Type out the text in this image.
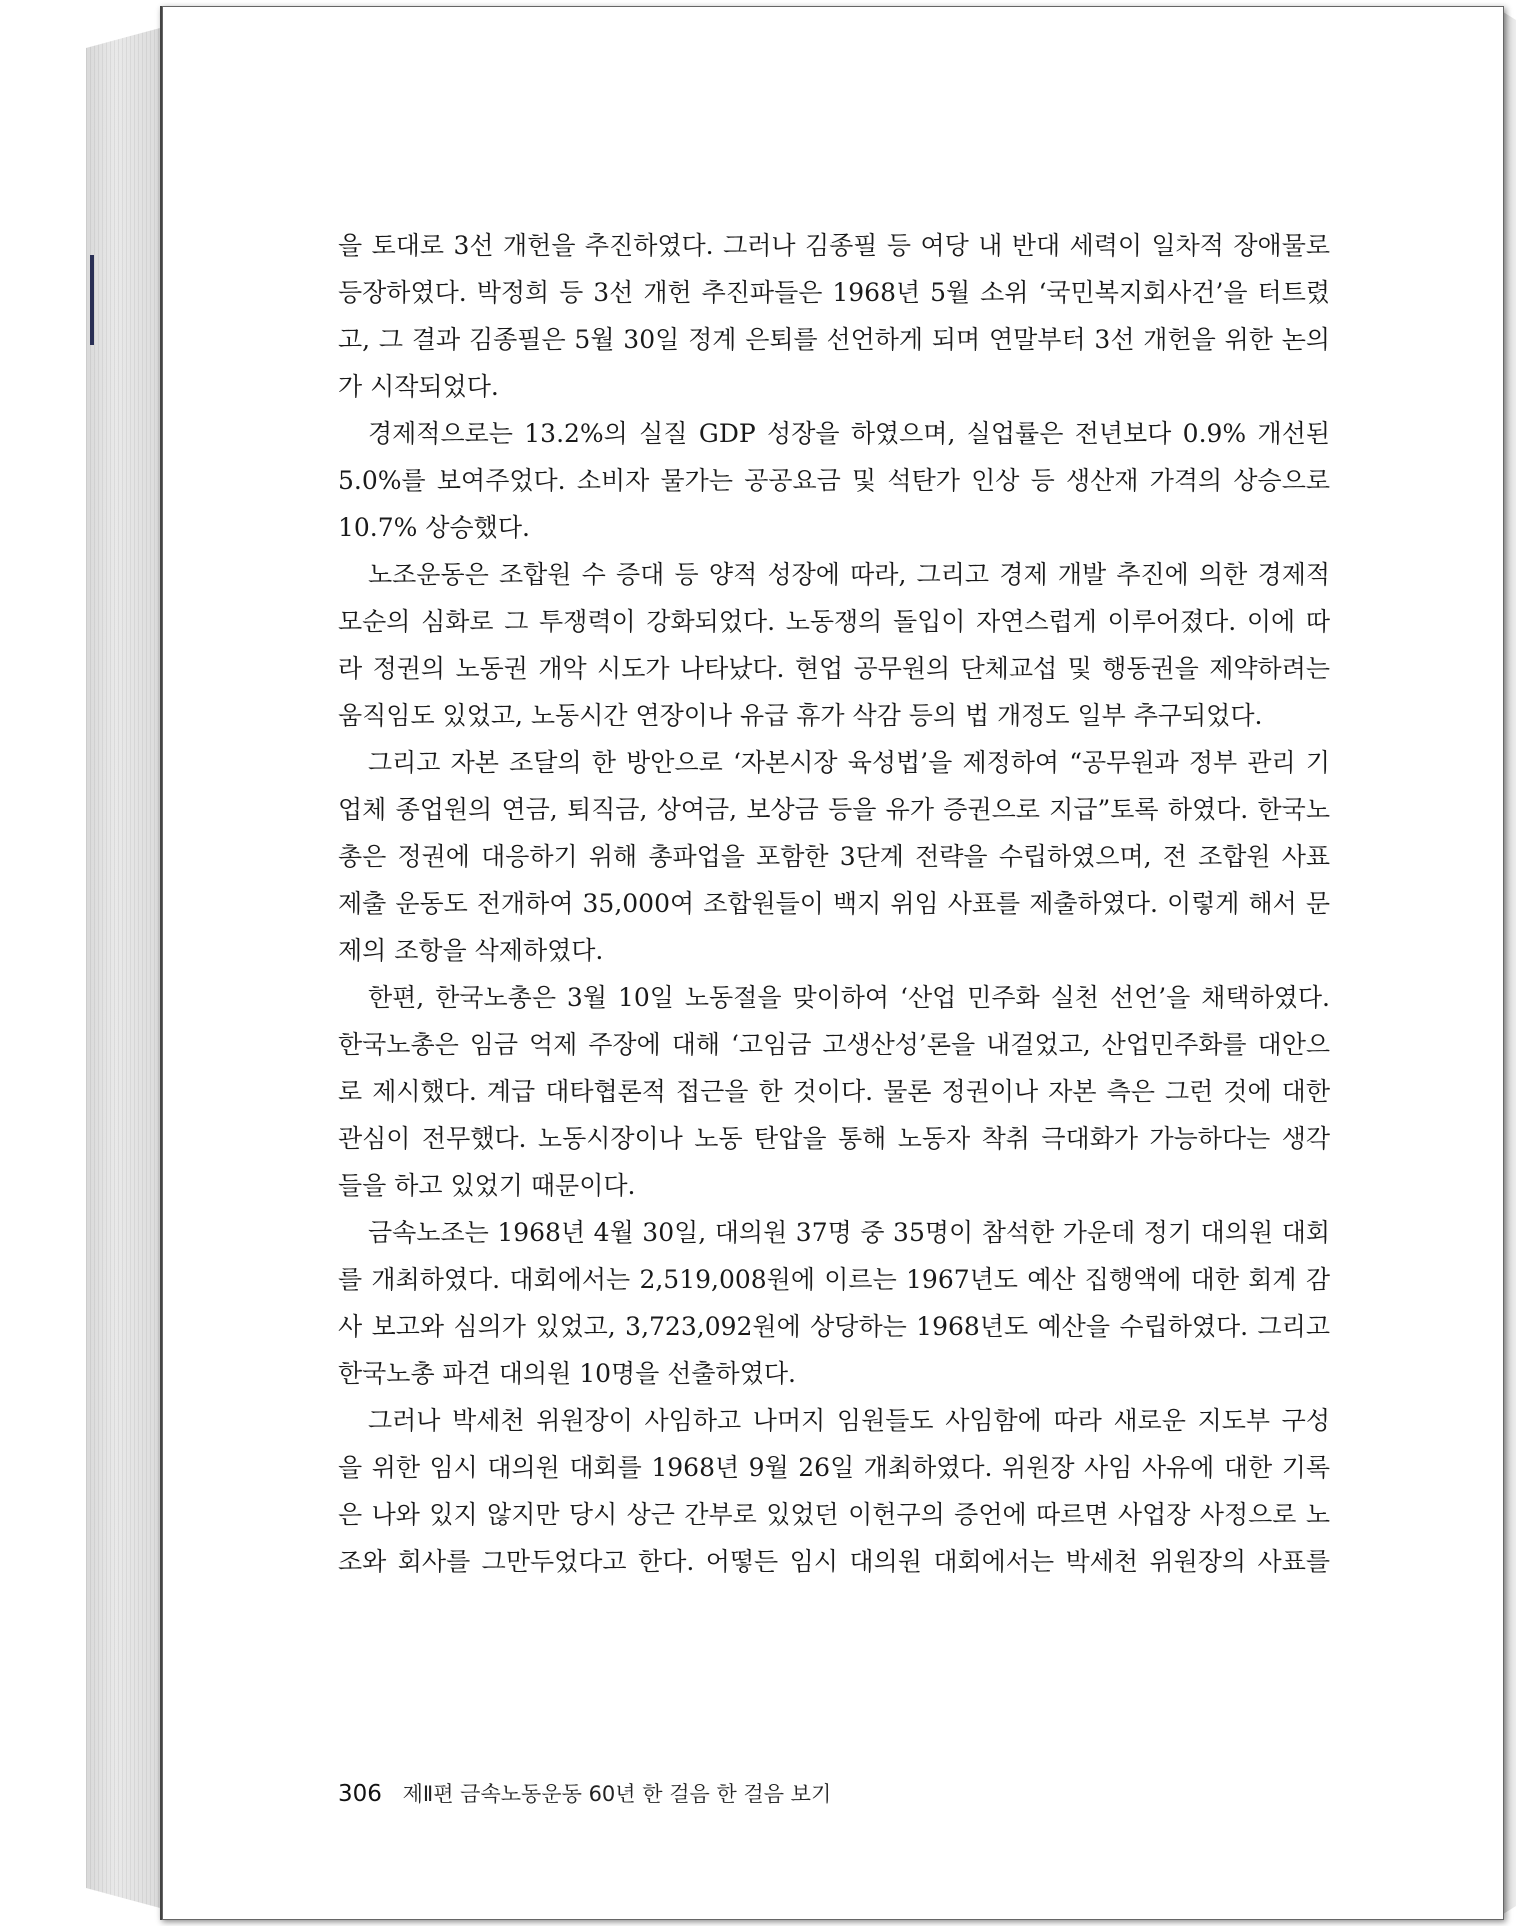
을 토대로 3선 개헌을 추진하였다. 그러나 김종필 등 여당 내 반대 세력이 일차적 장애물로
등장하였다. 박정희 등 3선 개헌 추진파들은 1968년 5월 소위 ‘국민복지회사건’을 터트렸
고, 그 결과 김종필은 5월 30일 정계 은퇴를 선언하게 되며 연말부터 3선 개헌을 위한 논의
가 시작되었다.
경제적으로는 13.2%의 실질 GDP 성장을 하였으며, 실업률은 전년보다 0.9% 개선된
5.0%를 보여주었다. 소비자 물가는 공공요금 및 석탄가 인상 등 생산재 가격의 상승으로
10.7% 상승했다.
노조운동은 조합원 수 증대 등 양적 성장에 따라, 그리고 경제 개발 추진에 의한 경제적
모순의 심화로 그 투쟁력이 강화되었다. 노동쟁의 돌입이 자연스럽게 이루어졌다. 이에 따
라 정권의 노동권 개악 시도가 나타났다. 현업 공무원의 단체교섭 및 행동권을 제약하려는
움직임도 있었고, 노동시간 연장이나 유급 휴가 삭감 등의 법 개정도 일부 추구되었다.
그리고 자본 조달의 한 방안으로 ‘자본시장 육성법’을 제정하여 “공무원과 정부 관리 기
업체 종업원의 연금, 퇴직금, 상여금, 보상금 등을 유가 증권으로 지급”토록 하였다. 한국노
총은 정권에 대응하기 위해 총파업을 포함한 3단계 전략을 수립하였으며, 전 조합원 사표
제출 운동도 전개하여 35,000여 조합원들이 백지 위임 사표를 제출하였다. 이렇게 해서 문
제의 조항을 삭제하였다.
한편, 한국노총은 3월 10일 노동절을 맞이하여 ‘산업 민주화 실천 선언’을 채택하였다.
한국노총은 임금 억제 주장에 대해 ‘고임금 고생산성’론을 내걸었고, 산업민주화를 대안으
로 제시했다. 계급 대타협론적 접근을 한 것이다. 물론 정권이나 자본 측은 그런 것에 대한
관심이 전무했다. 노동시장이나 노동 탄압을 통해 노동자 착취 극대화가 가능하다는 생각
들을 하고 있었기 때문이다.
금속노조는 1968년 4월 30일, 대의원 37명 중 35명이 참석한 가운데 정기 대의원 대회
를 개최하였다. 대회에서는 2,519,008원에 이르는 1967년도 예산 집행액에 대한 회계 감
사 보고와 심의가 있었고, 3,723,092원에 상당하는 1968년도 예산을 수립하였다. 그리고
한국노총 파견 대의원 10명을 선출하였다.
그러나 박세천 위원장이 사임하고 나머지 임원들도 사임함에 따라 새로운 지도부 구성
을 위한 임시 대의원 대회를 1968년 9월 26일 개최하였다. 위원장 사임 사유에 대한 기록
은 나와 있지 않지만 당시 상근 간부로 있었던 이헌구의 증언에 따르면 사업장 사정으로 노
조와 회사를 그만두었다고 한다. 어떻든 임시 대의원 대회에서는 박세천 위원장의 사표를
306 제Ⅱ편 금속노동운동 60년 한 걸음 한 걸음 보기
